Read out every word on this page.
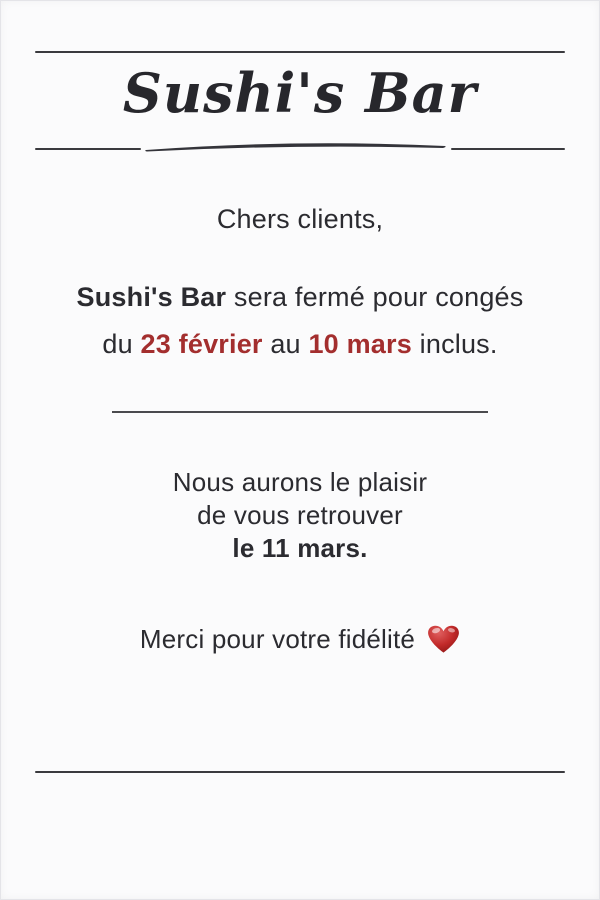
Sushi's Bar
Chers clients,
Sushi's Bar sera fermé pour congés
du 23 février au 10 mars inclus.
Nous aurons le plaisir
de vous retrouver
le 11 mars.
Merci pour votre fidélité
